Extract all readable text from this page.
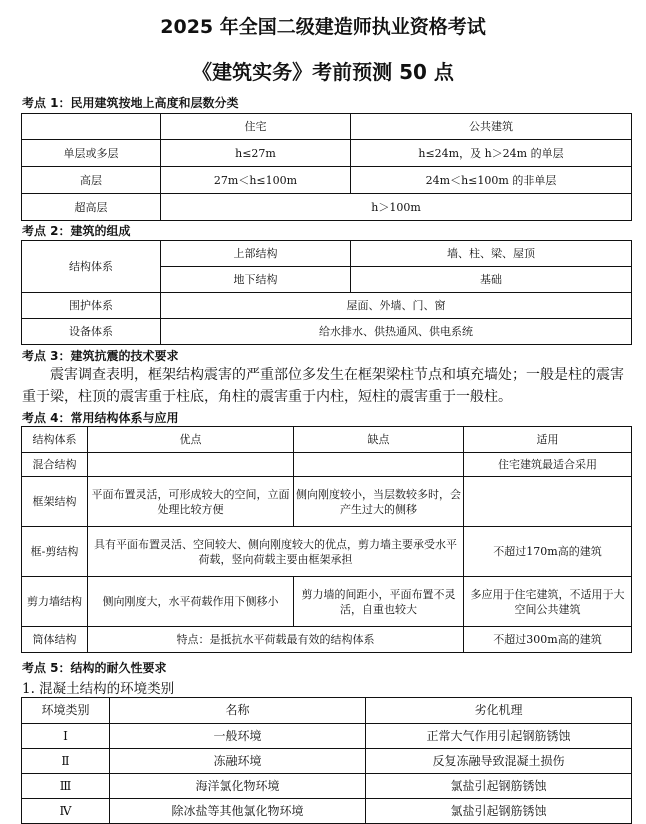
2025 年全国二级建造师执业资格考试
《建筑实务》考前预测 50 点
考点 1：民用建筑按地上高度和层数分类
	住宅	公共建筑
单层或多层	h≤27m	h≤24m，及 h＞24m 的单层
高层	27m＜h≤100m	24m＜h≤100m 的非单层
超高层	h＞100m	
考点 2：建筑的组成
结构体系	上部结构	墙、柱、梁、屋顶
	地下结构	基础
围护体系	屋面、外墙、门、窗	
设备体系	给水排水、供热通风、供电系统	
考点 3：建筑抗震的技术要求
震害调查表明，框架结构震害的严重部位多发生在框架梁柱节点和填充墙处；一般是柱的震害
重于梁，柱顶的震害重于柱底，角柱的震害重于内柱，短柱的震害重于一般柱。
考点 4：常用结构体系与应用
结构体系	优点	缺点	适用
混合结构			住宅建筑最适合采用
框架结构	平面布置灵活，可形成较大的空间，立面处理比较方便	侧向刚度较小，当层数较多时，会产生过大的侧移	
框-剪结构	具有平面布置灵活、空间较大、侧向刚度较大的优点，剪力墙主要承受水平荷载，竖向荷载主要由框架承担		不超过170m高的建筑
剪力墙结构	侧向刚度大，水平荷载作用下侧移小	剪力墙的间距小，平面布置不灵活，自重也较大	多应用于住宅建筑，不适用于大空间公共建筑
筒体结构	特点：是抵抗水平荷载最有效的结构体系		不超过300m高的建筑
考点 5：结构的耐久性要求
1. 混凝土结构的环境类别
环境类别	名称	劣化机理
Ⅰ	一般环境	正常大气作用引起钢筋锈蚀
Ⅱ	冻融环境	反复冻融导致混凝土损伤
Ⅲ	海洋氯化物环境	氯盐引起钢筋锈蚀
Ⅳ	除冰盐等其他氯化物环境	氯盐引起钢筋锈蚀
